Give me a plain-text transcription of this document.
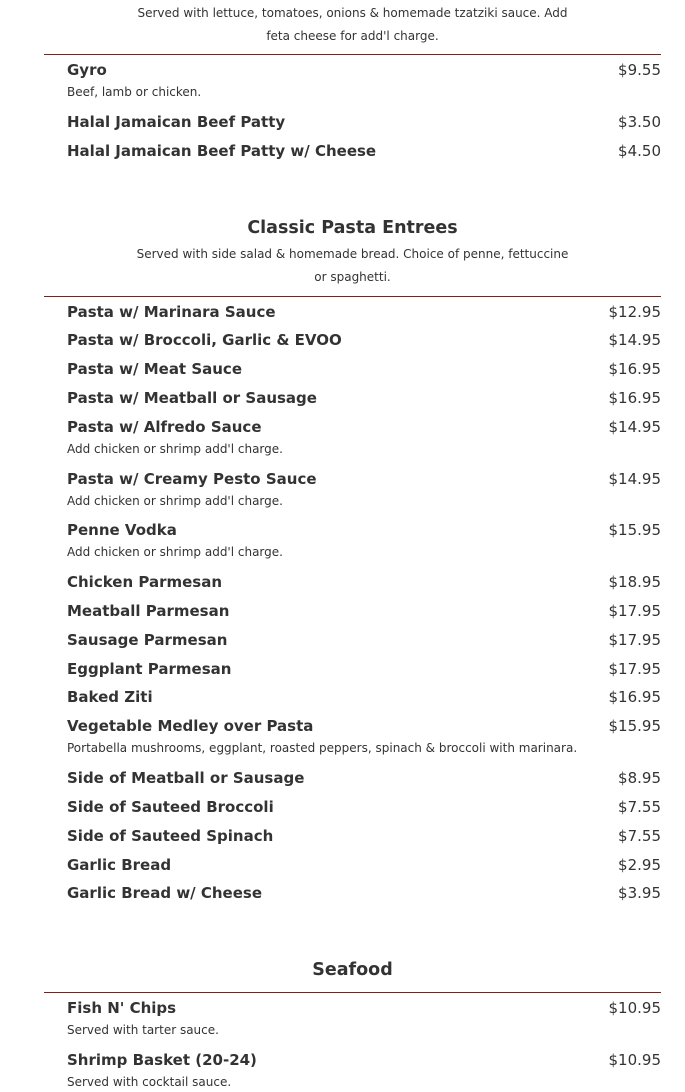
Served with lettuce, tomatoes, onions & homemade tzatziki sauce. Add feta cheese for add'l charge.
Gyro	$9.55
Beef, lamb or chicken.
Halal Jamaican Beef Patty	$3.50
Halal Jamaican Beef Patty w/ Cheese	$4.50
Classic Pasta Entrees
Served with side salad & homemade bread. Choice of penne, fettuccine or spaghetti.
Pasta w/ Marinara Sauce	$12.95
Pasta w/ Broccoli, Garlic & EVOO	$14.95
Pasta w/ Meat Sauce	$16.95
Pasta w/ Meatball or Sausage	$16.95
Pasta w/ Alfredo Sauce	$14.95
Add chicken or shrimp add'l charge.
Pasta w/ Creamy Pesto Sauce	$14.95
Add chicken or shrimp add'l charge.
Penne Vodka	$15.95
Add chicken or shrimp add'l charge.
Chicken Parmesan	$18.95
Meatball Parmesan	$17.95
Sausage Parmesan	$17.95
Eggplant Parmesan	$17.95
Baked Ziti	$16.95
Vegetable Medley over Pasta	$15.95
Portabella mushrooms, eggplant, roasted peppers, spinach & broccoli with marinara.
Side of Meatball or Sausage	$8.95
Side of Sauteed Broccoli	$7.55
Side of Sauteed Spinach	$7.55
Garlic Bread	$2.95
Garlic Bread w/ Cheese	$3.95
Seafood
Fish N' Chips	$10.95
Served with tarter sauce.
Shrimp Basket (20-24)	$10.95
Served with cocktail sauce.
